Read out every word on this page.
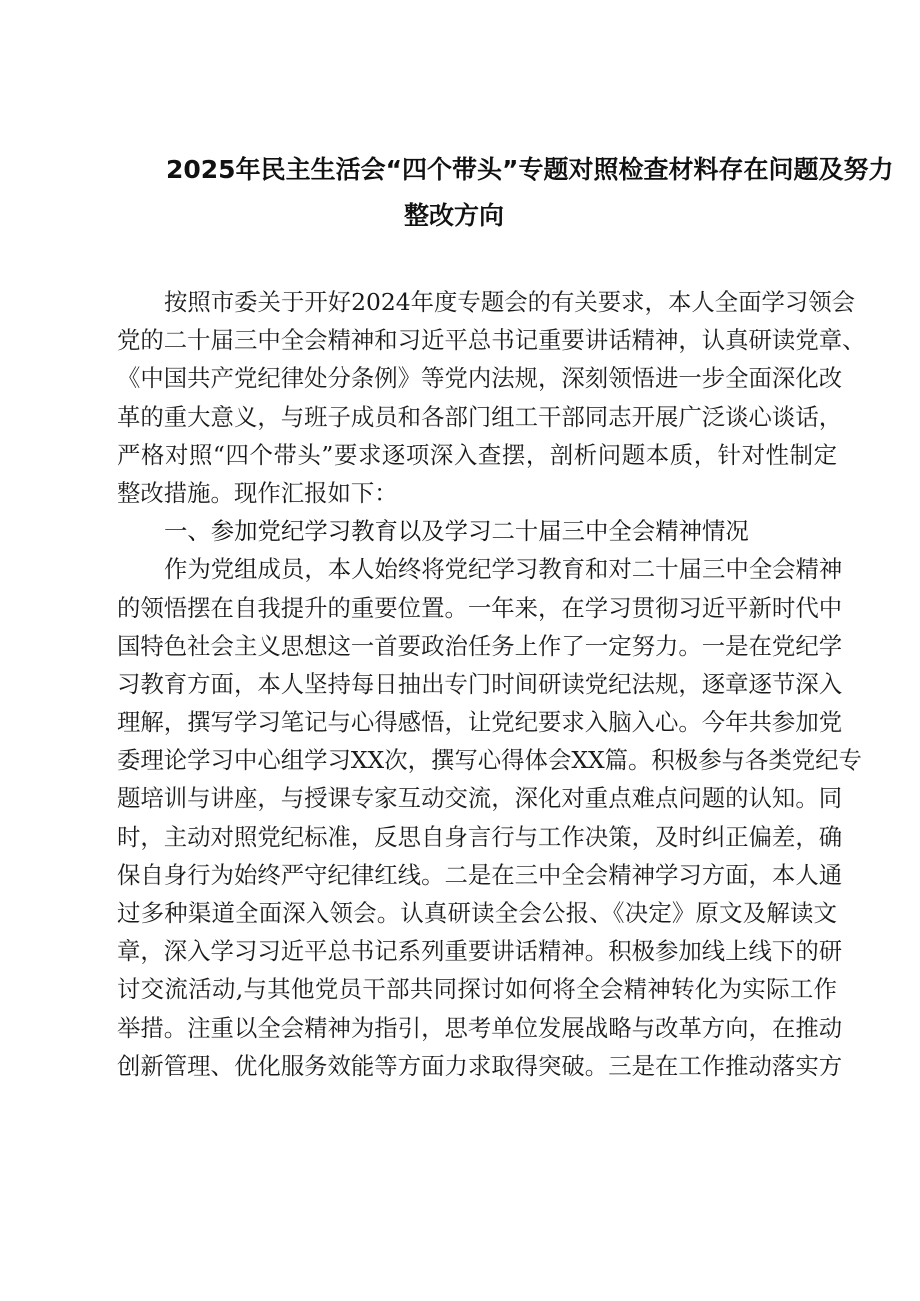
2025年民主生活会“四个带头”专题对照检查材料存在问题及努力
整改方向
按照市委关于开好2024年度专题会的有关要求，本人全面学习领会
党的二十届三中全会精神和习近平总书记重要讲话精神，认真研读党章、
《中国共产党纪律处分条例》等党内法规，深刻领悟进一步全面深化改
革的重大意义，与班子成员和各部门组工干部同志开展广泛谈心谈话，
严格对照“四个带头”要求逐项深入查摆，剖析问题本质，针对性制定
整改措施。现作汇报如下：
一、参加党纪学习教育以及学习二十届三中全会精神情况
作为党组成员，本人始终将党纪学习教育和对二十届三中全会精神
的领悟摆在自我提升的重要位置。一年来，在学习贯彻习近平新时代中
国特色社会主义思想这一首要政治任务上作了一定努力。一是在党纪学
习教育方面，本人坚持每日抽出专门时间研读党纪法规，逐章逐节深入
理解，撰写学习笔记与心得感悟，让党纪要求入脑入心。今年共参加党
委理论学习中心组学习XX次，撰写心得体会XX篇。积极参与各类党纪专
题培训与讲座，与授课专家互动交流，深化对重点难点问题的认知。同
时，主动对照党纪标准，反思自身言行与工作决策，及时纠正偏差，确
保自身行为始终严守纪律红线。二是在三中全会精神学习方面，本人通
过多种渠道全面深入领会。认真研读全会公报、《决定》原文及解读文
章，深入学习习近平总书记系列重要讲话精神。积极参加线上线下的研
讨交流活动,与其他党员干部共同探讨如何将全会精神转化为实际工作
举措。注重以全会精神为指引，思考单位发展战略与改革方向，在推动
创新管理、优化服务效能等方面力求取得突破。三是在工作推动落实方
